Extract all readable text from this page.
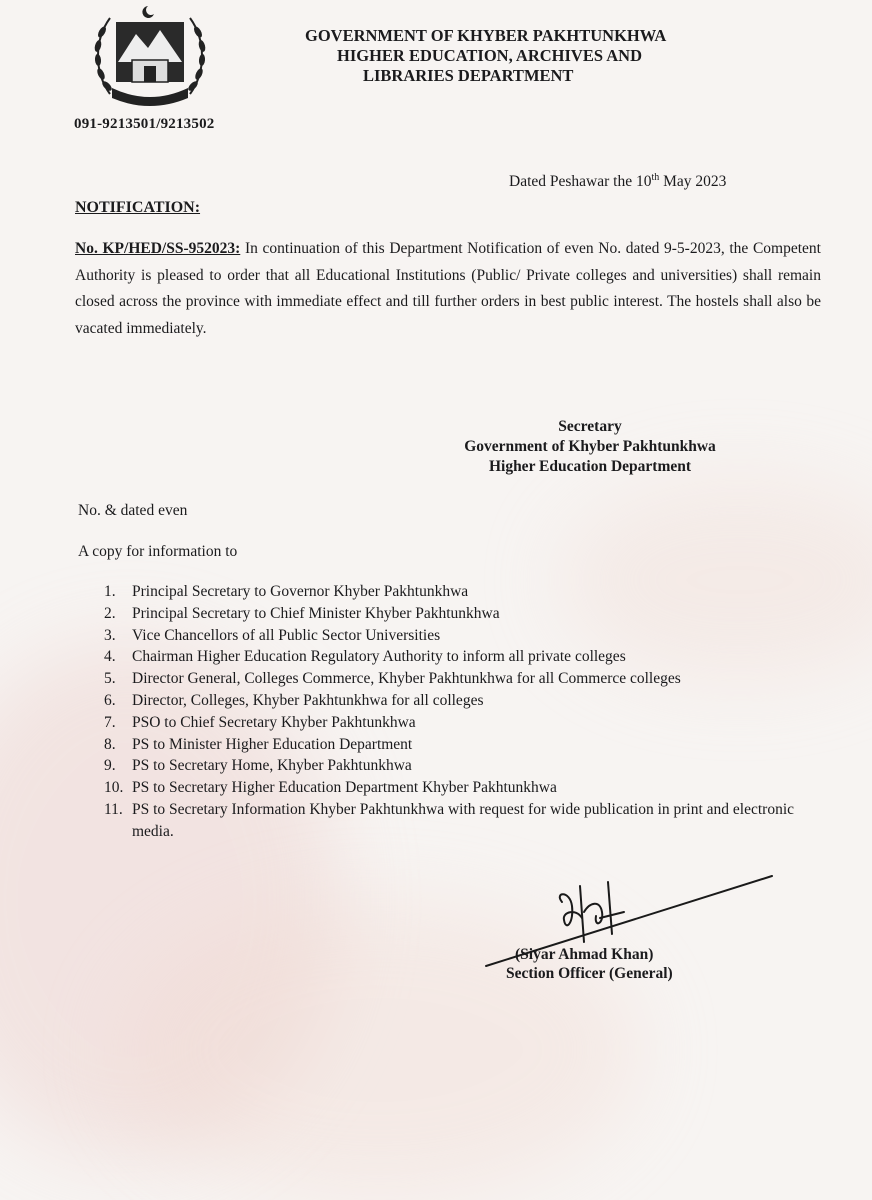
091-9213501/9213502
GOVERNMENT OF KHYBER PAKHTUNKHWA
HIGHER EDUCATION, ARCHIVES AND
LIBRARIES DEPARTMENT
Dated Peshawar the 10th May 2023
NOTIFICATION:
No. KP/HED/SS-952023: In continuation of this Department Notification of even No. dated 9-5-2023, the Competent Authority is pleased to order that all Educational Institutions (Public/ Private colleges and universities) shall remain closed across the province with immediate effect and till further orders in best public interest. The hostels shall also be vacated immediately.
Secretary
Government of Khyber Pakhtunkhwa
Higher Education Department
No. & dated even
A copy for information to
1.	Principal Secretary to Governor Khyber Pakhtunkhwa
2.	Principal Secretary to Chief Minister Khyber Pakhtunkhwa
3.	Vice Chancellors of all Public Sector Universities
4.	Chairman Higher Education Regulatory Authority to inform all private colleges
5.	Director General, Colleges Commerce, Khyber Pakhtunkhwa for all Commerce colleges
6.	Director, Colleges, Khyber Pakhtunkhwa for all colleges
7.	PSO to Chief Secretary Khyber Pakhtunkhwa
8.	PS to Minister Higher Education Department
9.	PS to Secretary Home, Khyber Pakhtunkhwa
10. PS to Secretary Higher Education Department Khyber Pakhtunkhwa
11. PS to Secretary Information Khyber Pakhtunkhwa with request for wide publication in print and electronic media.
(Siyar Ahmad Khan)
Section Officer (General)
